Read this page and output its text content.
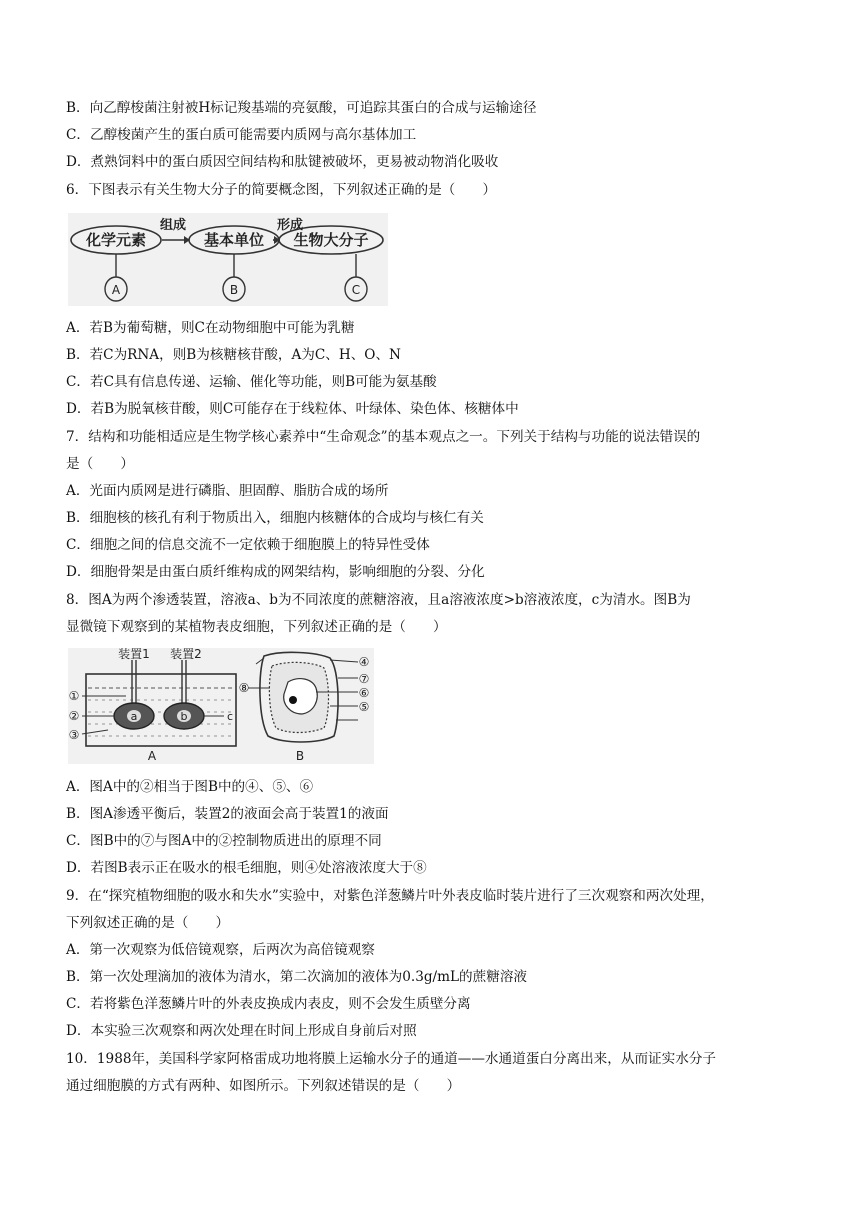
B．向乙醇梭菌注射被H标记羧基端的亮氨酸，可追踪其蛋白的合成与运输途径
C．乙醇梭菌产生的蛋白质可能需要内质网与高尔基体加工
D．煮熟饲料中的蛋白质因空间结构和肽键被破坏，更易被动物消化吸收
6．下图表示有关生物大分子的简要概念图，下列叙述正确的是（　　）
化学元素	基本单位 生物大分子
组成	形成
A	B	C
A．若B为葡萄糖，则C在动物细胞中可能为乳糖
B．若C为RNA，则B为核糖核苷酸，A为C、H、O、N
C．若C具有信息传递、运输、催化等功能，则B可能为氨基酸
D．若B为脱氧核苷酸，则C可能存在于线粒体、叶绿体、染色体、核糖体中
7．结构和功能相适应是生物学核心素养中“生命观念”的基本观点之一。下列关于结构与功能的说法错误的
是（　　）
A．光面内质网是进行磷脂、胆固醇、脂肪合成的场所
B．细胞核的核孔有利于物质出入，细胞内核糖体的合成均与核仁有关
C．细胞之间的信息交流不一定依赖于细胞膜上的特异性受体
D．细胞骨架是由蛋白质纤维构成的网架结构，影响细胞的分裂、分化
8．图A为两个渗透装置，溶液a、b为不同浓度的蔗糖溶液，且a溶液浓度>b溶液浓度，c为清水。图B为
显微镜下观察到的某植物表皮细胞，下列叙述正确的是（　　）
装置1 装置2
①
②
③
a	b	c
A
⑧
④
⑦
⑥
⑤
B
A．图A中的②相当于图B中的④、⑤、⑥
B．图A渗透平衡后，装置2的液面会高于装置1的液面
C．图B中的⑦与图A中的②控制物质进出的原理不同
D．若图B表示正在吸水的根毛细胞，则④处溶液浓度大于⑧
9．在“探究植物细胞的吸水和失水”实验中，对紫色洋葱鳞片叶外表皮临时装片进行了三次观察和两次处理，
下列叙述正确的是（　　）
A．第一次观察为低倍镜观察，后两次为高倍镜观察
B．第一次处理滴加的液体为清水，第二次滴加的液体为0.3g/mL的蔗糖溶液
C．若将紫色洋葱鳞片叶的外表皮换成内表皮，则不会发生质壁分离
D．本实验三次观察和两次处理在时间上形成自身前后对照
10．1988年，美国科学家阿格雷成功地将膜上运输水分子的通道——水通道蛋白分离出来，从而证实水分子
通过细胞膜的方式有两种、如图所示。下列叙述错误的是（　　）
